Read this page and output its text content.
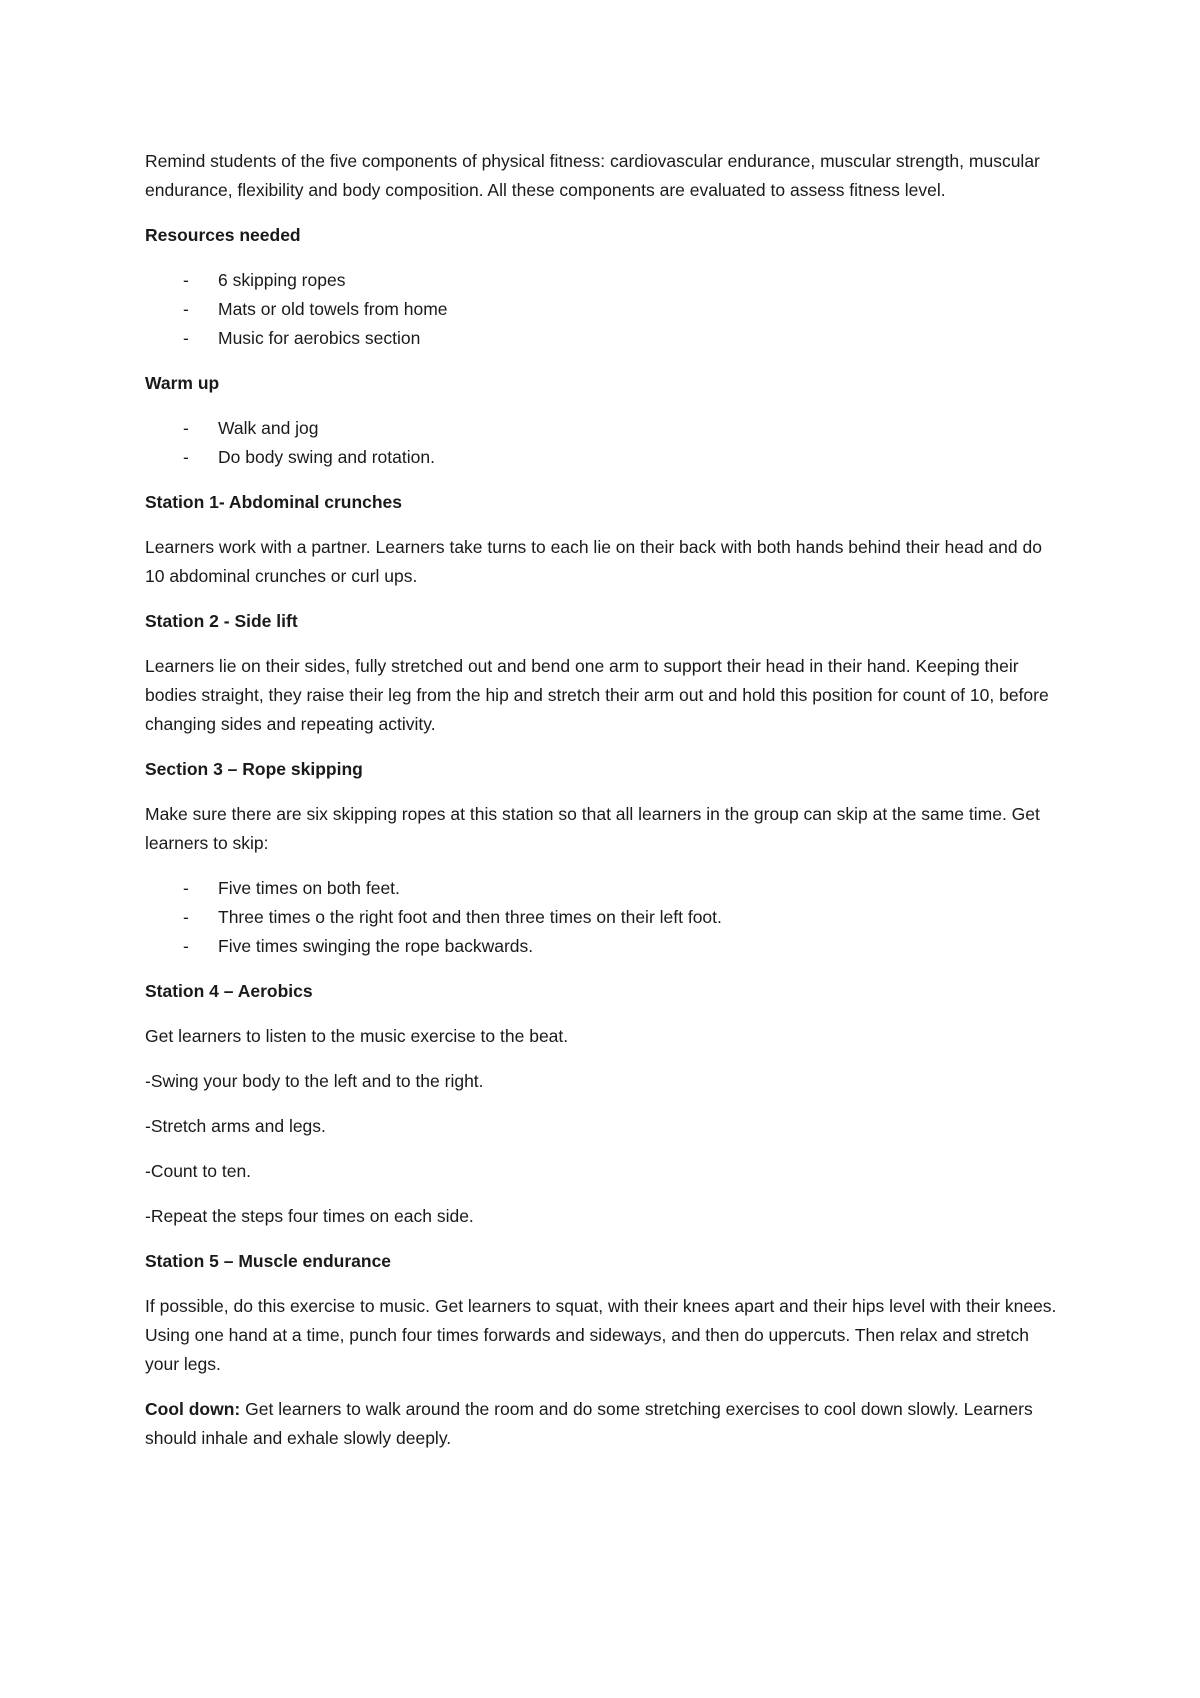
Remind students of the five components of physical fitness: cardiovascular endurance, muscular strength, muscular endurance, flexibility and body composition. All these components are evaluated to assess fitness level.

Resources needed
- 6 skipping ropes
- Mats or old towels from home
- Music for aerobics section
Warm up
- Walk and jog
- Do body swing and rotation.
Station 1- Abdominal crunches

Learners work with a partner. Learners take turns to each lie on their back with both hands behind their head and do 10 abdominal crunches or curl ups.

Station 2 - Side lift

Learners lie on their sides, fully stretched out and bend one arm to support their head in their hand. Keeping their bodies straight, they raise their leg from the hip and stretch their arm out and hold this position for count of 10, before changing sides and repeating activity.

Section 3 – Rope skipping

Make sure there are six skipping ropes at this station so that all learners in the group can skip at the same time. Get learners to skip:

- Five times on both feet.
- Three times o the right foot and then three times on their left foot.
- Five times swinging the rope backwards.
Station 4 – Aerobics

Get learners to listen to the music exercise to the beat.

-Swing your body to the left and to the right.

-Stretch arms and legs.

-Count to ten.

-Repeat the steps four times on each side.

Station 5 – Muscle endurance

If possible, do this exercise to music. Get learners to squat, with their knees apart and their hips level with their knees. Using one hand at a time, punch four times forwards and sideways, and then do uppercuts. Then relax and stretch your legs.

Cool down: Get learners to walk around the room and do some stretching exercises to cool down slowly. Learners should inhale and exhale slowly deeply.
